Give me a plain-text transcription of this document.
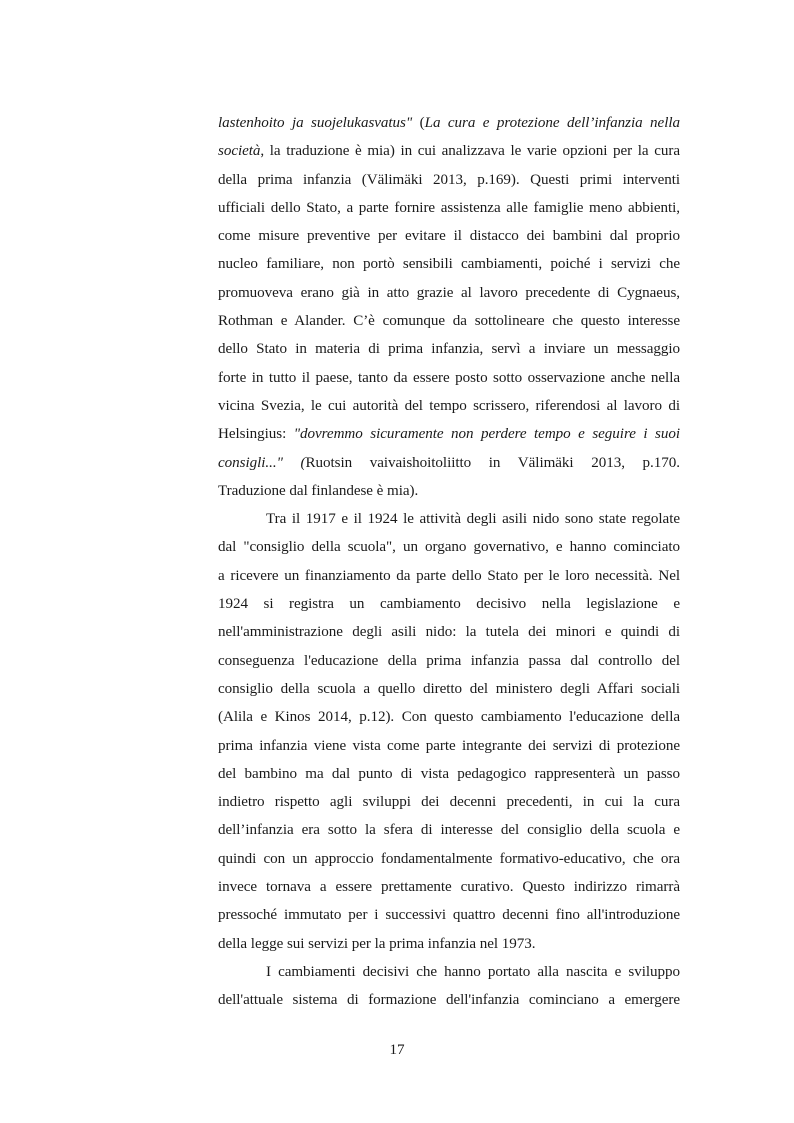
lastenhoito ja suojelukasvatus" (La cura e protezione dell’infanzia nella
società, la traduzione è mia) in cui analizzava le varie opzioni per la cura
della prima infanzia (Välimäki 2013, p.169). Questi primi interventi
ufficiali dello Stato, a parte fornire assistenza alle famiglie meno abbienti,
come misure preventive per evitare il distacco dei bambini dal proprio
nucleo familiare, non portò sensibili cambiamenti, poiché i servizi che
promuoveva erano già in atto grazie al lavoro precedente di Cygnaeus,
Rothman e Alander. C’è comunque da sottolineare che questo interesse
dello Stato in materia di prima infanzia, servì a inviare un messaggio
forte in tutto il paese, tanto da essere posto sotto osservazione anche nella
vicina Svezia, le cui autorità del tempo scrissero, riferendosi al lavoro di
Helsingius: "dovremmo sicuramente non perdere tempo e seguire i suoi
consigli..." (Ruotsin vaivaishoitoliitto in Välimäki 2013, p.170.
Traduzione dal finlandese è mia).
Tra il 1917 e il 1924 le attività degli asili nido sono state regolate
dal "consiglio della scuola", un organo governativo, e hanno cominciato
a ricevere un finanziamento da parte dello Stato per le loro necessità. Nel
1924 si registra un cambiamento decisivo nella legislazione e
nell'amministrazione degli asili nido: la tutela dei minori e quindi di
conseguenza l'educazione della prima infanzia passa dal controllo del
consiglio della scuola a quello diretto del ministero degli Affari sociali
(Alila e Kinos 2014, p.12). Con questo cambiamento l'educazione della
prima infanzia viene vista come parte integrante dei servizi di protezione
del bambino ma dal punto di vista pedagogico rappresenterà un passo
indietro rispetto agli sviluppi dei decenni precedenti, in cui la cura
dell’infanzia era sotto la sfera di interesse del consiglio della scuola e
quindi con un approccio fondamentalmente formativo-educativo, che ora
invece tornava a essere prettamente curativo. Questo indirizzo rimarrà
pressoché immutato per i successivi quattro decenni fino all'introduzione
della legge sui servizi per la prima infanzia nel 1973.
I cambiamenti decisivi che hanno portato alla nascita e sviluppo
dell'attuale sistema di formazione dell'infanzia cominciano a emergere
17
